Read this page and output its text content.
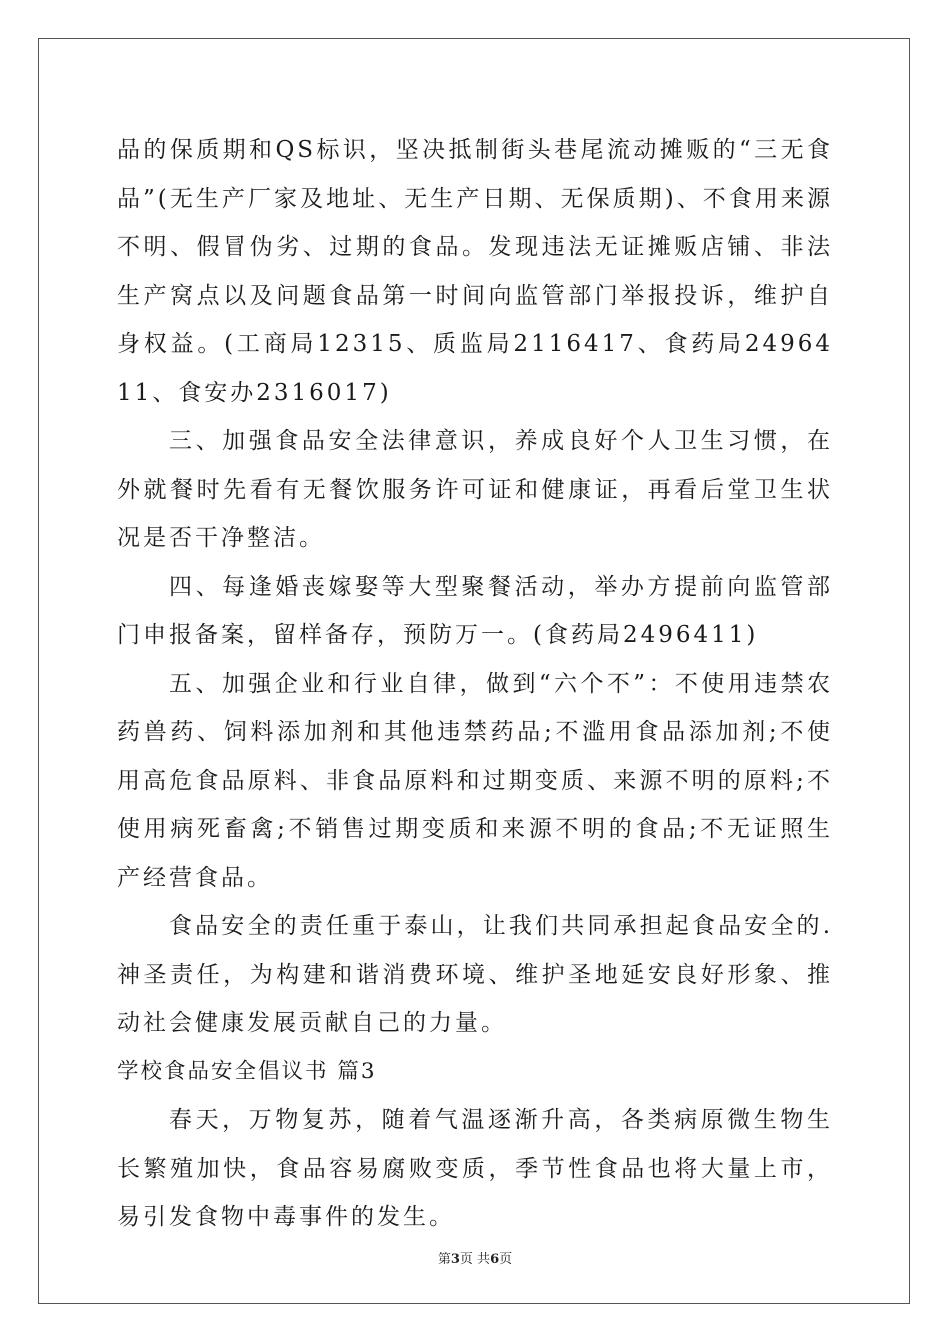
品的保质期和QS标识，坚决抵制街头巷尾流动摊贩的“三无食品”(无生产厂家及地址、无生产日期、无保质期)、不食用来源不明、假冒伪劣、过期的食品。发现违法无证摊贩店铺、非法生产窝点以及问题食品第一时间向监管部门举报投诉，维护自身权益。(工商局12315、质监局2116417、食药局2496411、食安办2316017)

三、加强食品安全法律意识，养成良好个人卫生习惯，在外就餐时先看有无餐饮服务许可证和健康证，再看后堂卫生状况是否干净整洁。

四、每逢婚丧嫁娶等大型聚餐活动，举办方提前向监管部门申报备案，留样备存，预防万一。(食药局2496411)

五、加强企业和行业自律，做到“六个不”：不使用违禁农药兽药、饲料添加剂和其他违禁药品;不滥用食品添加剂;不使用高危食品原料、非食品原料和过期变质、来源不明的原料;不使用病死畜禽;不销售过期变质和来源不明的食品;不无证照生产经营食品。

食品安全的责任重于泰山，让我们共同承担起食品安全的.神圣责任，为构建和谐消费环境、维护圣地延安良好形象、推动社会健康发展贡献自己的力量。

学校食品安全倡议书 篇3

春天，万物复苏，随着气温逐渐升高，各类病原微生物生长繁殖加快，食品容易腐败变质，季节性食品也将大量上市，易引发食物中毒事件的发生。

第3页 共6页
